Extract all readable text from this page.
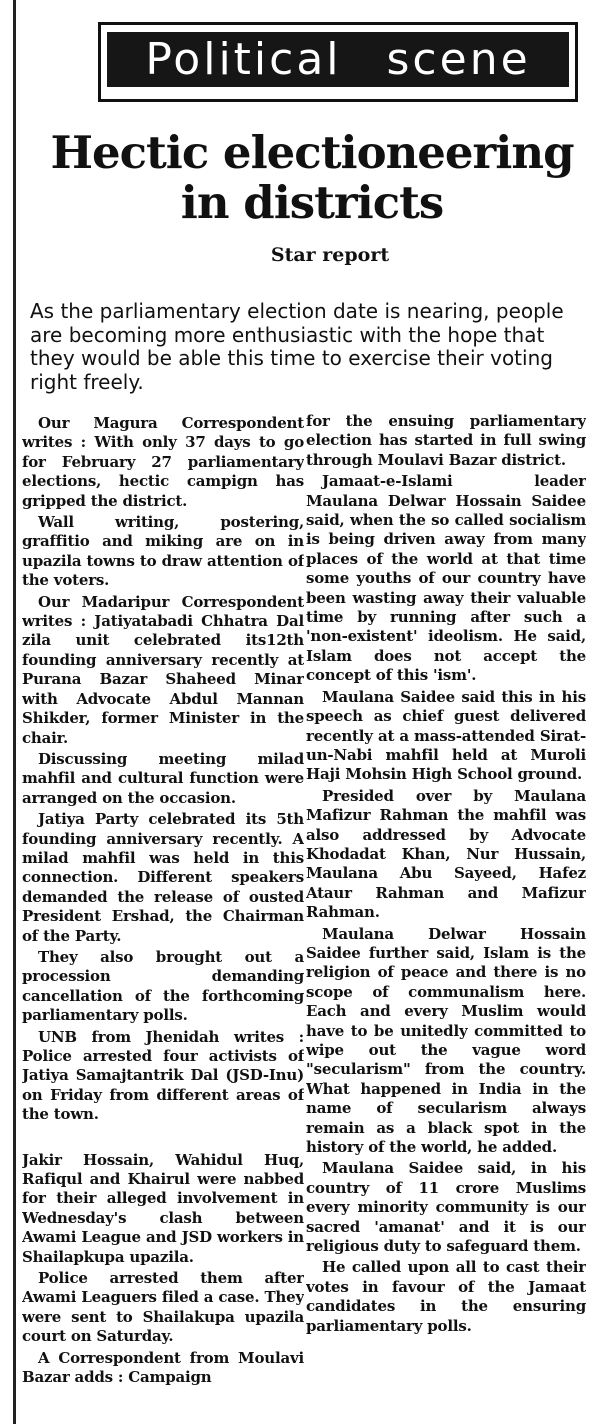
Political scene
Hectic electioneering
in districts

Star report

As the parliamentary election date is nearing, people are becoming more enthusiastic with the hope that they would be able this time to exercise their voting right freely.

Our Magura Correspondent writes : With only 37 days to go for February 27 parliamentary elections, hectic campign has gripped the district.

Wall writing, postering, graffitio and miking are on in upazila towns to draw attention of the voters.

Our Madaripur Correspondent writes : Jatiyatabadi Chhatra Dal zila unit celebrated its12th founding anniversary recently at Purana Bazar Shaheed Minar with Advocate Abdul Mannan Shikder, former Minister in the chair.

Discussing meeting milad mahfil and cultural function were arranged on the occasion.

Jatiya Party celebrated its 5th founding anniversary recently. A milad mahfil was held in this connection. Different speakers demanded the release of ousted President Ershad, the Chairman of the Party.

They also brought out a procession demanding cancellation of the forthcoming parliamentary polls.

UNB from Jhenidah writes : Police arrested four activists of Jatiya Samajtantrik Dal (JSD-Inu) on Friday from different areas of the town.

Jakir Hossain, Wahidul Huq, Rafiqul and Khairul were nabbed for their alleged involvement in Wednesday's clash between Awami League and JSD workers in Shailapkupa upazila.

Police arrested them after Awami Leaguers filed a case. They were sent to Shailakupa upazila court on Saturday.

A Correspondent from Moulavi Bazar adds : Campaign

for the ensuing parliamentary election has started in full swing through Moulavi Bazar district.

Jamaat-e-Islami leader Maulana Delwar Hossain Saidee said, when the so called socialism is being driven away from many places of the world at that time some youths of our country have been wasting away their valuable time by running after such a 'non-existent' ideolism. He said, Islam does not accept the concept of this 'ism'.

Maulana Saidee said this in his speech as chief guest delivered recently at a mass-attended Sirat-un-Nabi mahfil held at Muroli Haji Mohsin High School ground.

Presided over by Maulana Mafizur Rahman the mahfil was also addressed by Advocate Khodadat Khan, Nur Hussain, Maulana Abu Sayeed, Hafez Ataur Rahman and Mafizur Rahman.

Maulana Delwar Hossain Saidee further said, Islam is the religion of peace and there is no scope of communalism here. Each and every Muslim would have to be unitedly committed to wipe out the vague word "secularism" from the country. What happened in India in the name of secularism always remain as a black spot in the history of the world, he added.

Maulana Saidee said, in his country of 11 crore Muslims every minority community is our sacred 'amanat' and it is our religious duty to safeguard them.

He called upon all to cast their votes in favour of the Jamaat candidates in the ensuring parliamentary polls.
